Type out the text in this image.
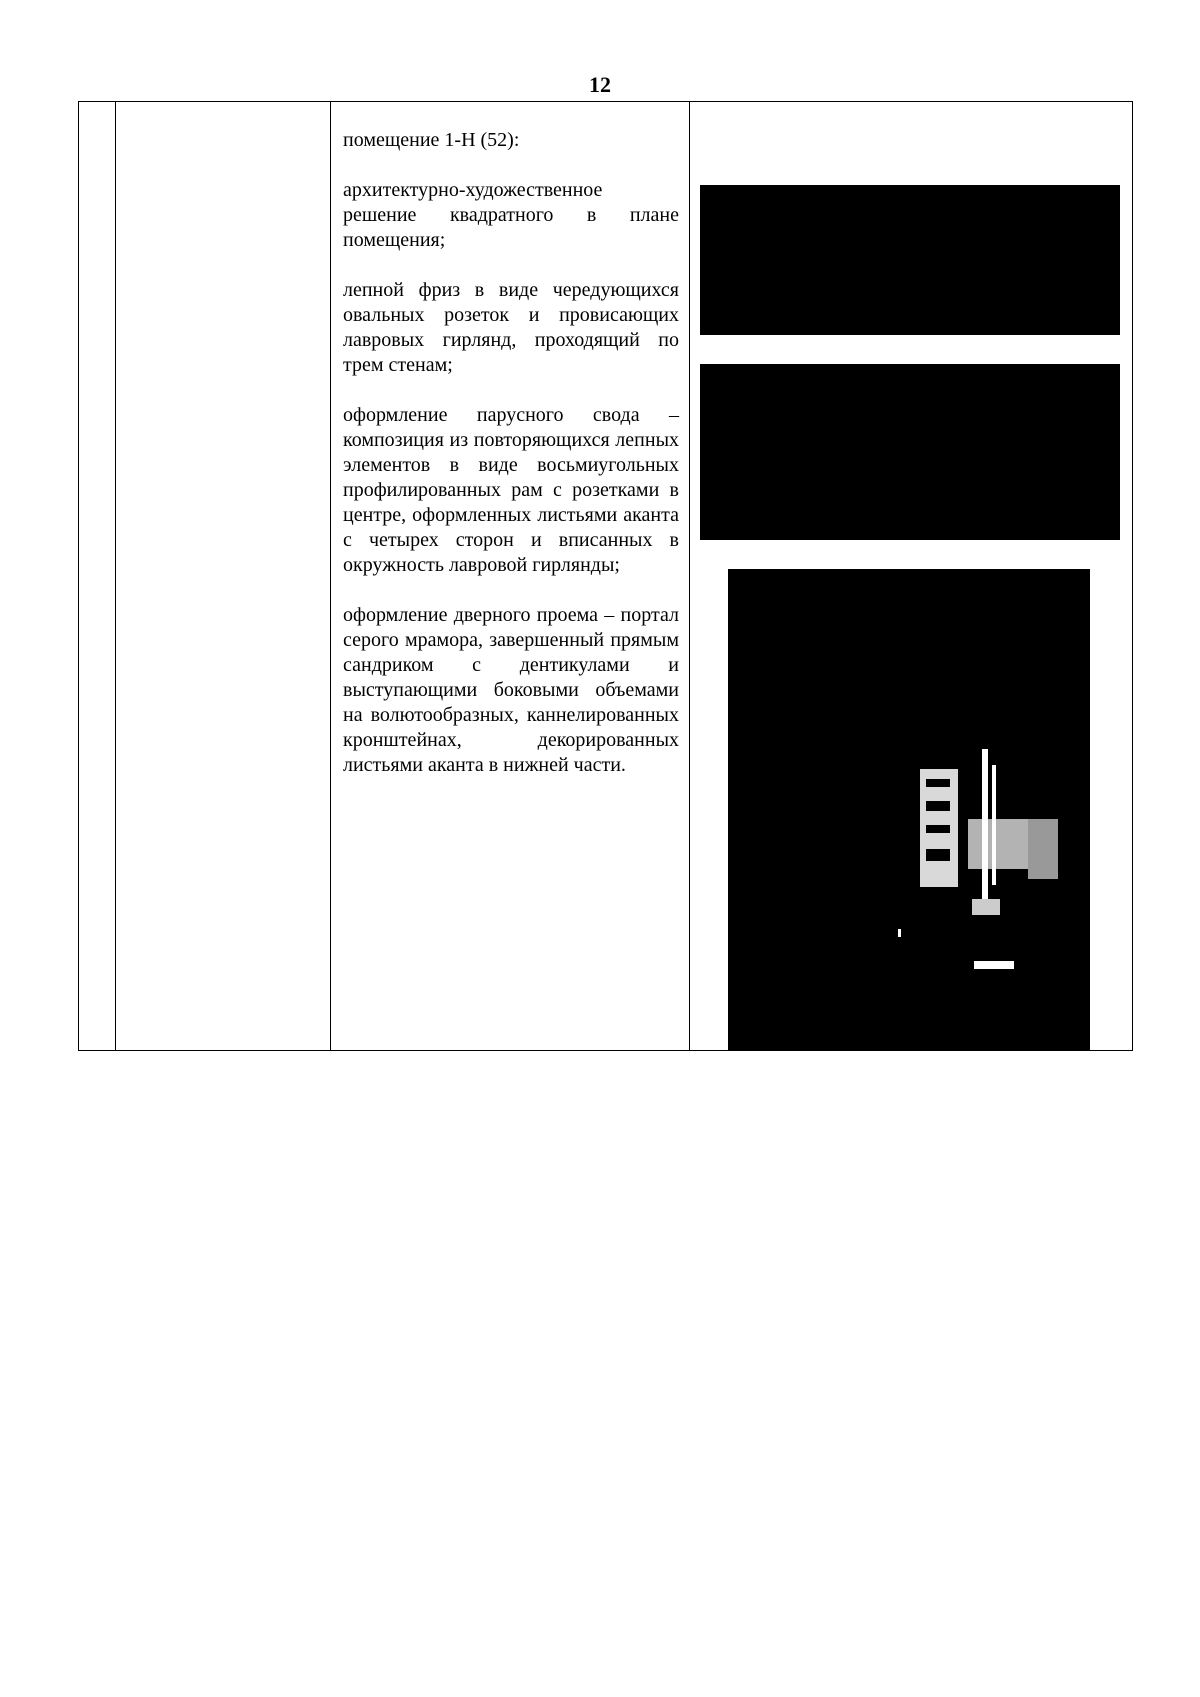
12

помещение 1-Н (52):

архитектурно-художественное решение квадратного в плане помещения;

лепной фриз в виде чередующихся овальных розеток и провисающих лавровых гирлянд, проходящий по трем стенам;

оформление парусного свода – композиция из повторяющихся лепных элементов в виде восьмиугольных профилированных рам с розетками в центре, оформленных листьями аканта с четырех сторон и вписанных в окружность лавровой гирлянды;

оформление дверного проема – портал серого мрамора, завершенный прямым сандриком с дентикулами и выступающими боковыми объемами на волютообразных, каннелированных кронштейнах, декорированных листьями аканта в нижней части.
